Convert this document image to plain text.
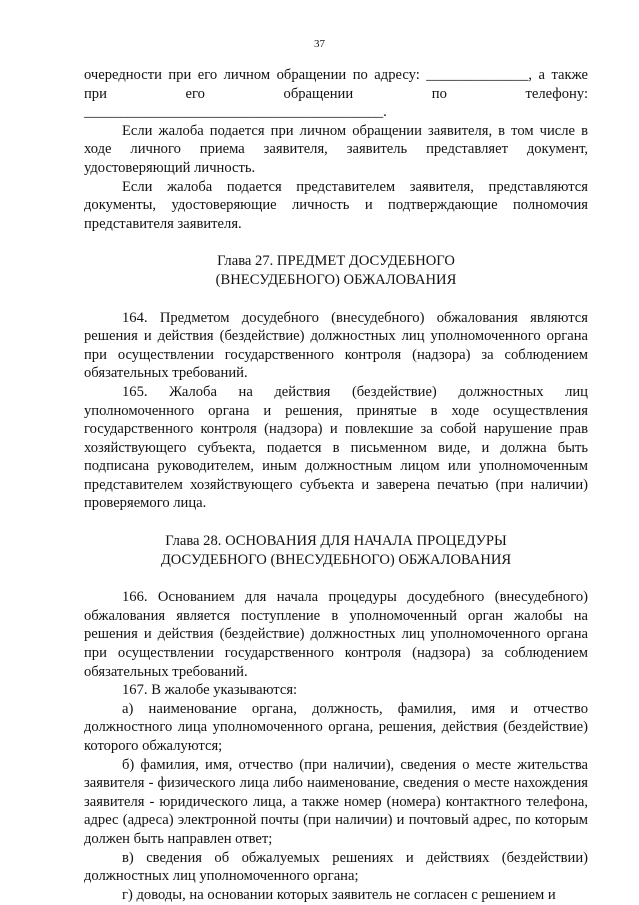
37

очередности при его личном обращении по адресу: ______________, а также при его обращении по телефону: _________________________________________.

Если жалоба подается при личном обращении заявителя, в том числе в ходе личного приема заявителя, заявитель представляет документ, удостоверяющий личность.

Если жалоба подается представителем заявителя, представляются документы, удостоверяющие личность и подтверждающие полномочия представителя заявителя.

Глава 27. ПРЕДМЕТ ДОСУДЕБНОГО (ВНЕСУДЕБНОГО) ОБЖАЛОВАНИЯ

164. Предметом досудебного (внесудебного) обжалования являются решения и действия (бездействие) должностных лиц уполномоченного органа при осуществлении государственного контроля (надзора) за соблюдением обязательных требований.

165. Жалоба на действия (бездействие) должностных лиц уполномоченного органа и решения, принятые в ходе осуществления государственного контроля (надзора) и повлекшие за собой нарушение прав хозяйствующего субъекта, подается в письменном виде, и должна быть подписана руководителем, иным должностным лицом или уполномоченным представителем хозяйствующего субъекта и заверена печатью (при наличии) проверяемого лица.

Глава 28. ОСНОВАНИЯ ДЛЯ НАЧАЛА ПРОЦЕДУРЫ ДОСУДЕБНОГО (ВНЕСУДЕБНОГО) ОБЖАЛОВАНИЯ

166. Основанием для начала процедуры досудебного (внесудебного) обжалования является поступление в уполномоченный орган жалобы на решения и действия (бездействие) должностных лиц уполномоченного органа при осуществлении государственного контроля (надзора) за соблюдением обязательных требований.

167. В жалобе указываются:

а) наименование органа, должность, фамилия, имя и отчество должностного лица уполномоченного органа, решения, действия (бездействие) которого обжалуются;

б) фамилия, имя, отчество (при наличии), сведения о месте жительства заявителя - физического лица либо наименование, сведения о месте нахождения заявителя - юридического лица, а также номер (номера) контактного телефона, адрес (адреса) электронной почты (при наличии) и почтовый адрес, по которым должен быть направлен ответ;

в) сведения об обжалуемых решениях и действиях (бездействии) должностных лиц уполномоченного органа;

г) доводы, на основании которых заявитель не согласен с решением и
